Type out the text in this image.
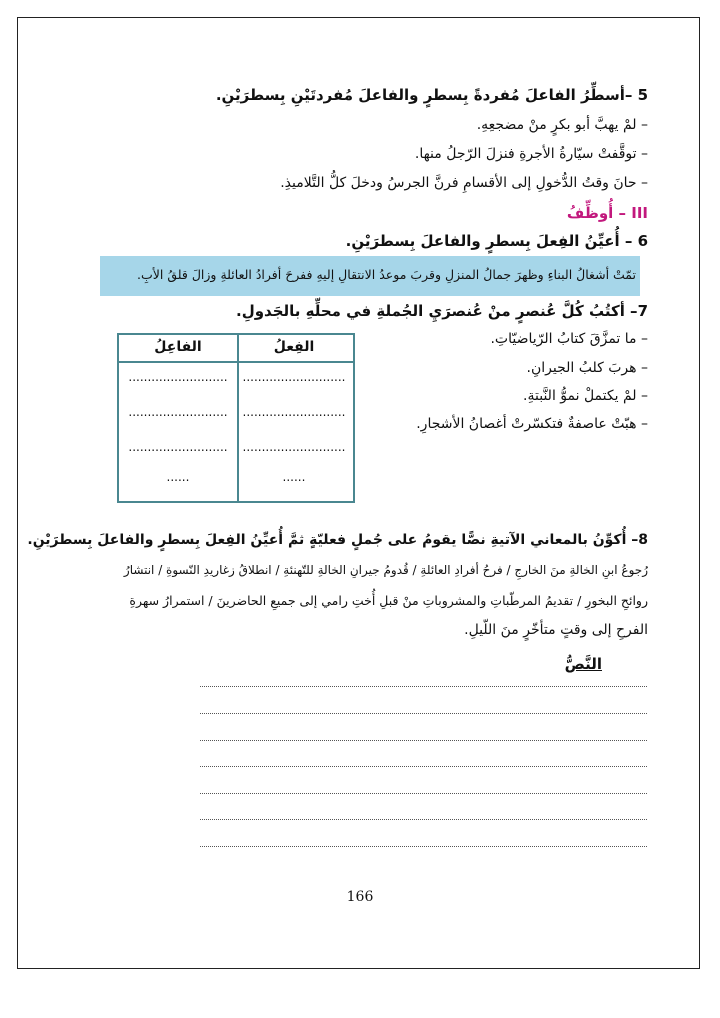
5 –أسطِّرُ الفاعلَ مُفردةً بِسطرٍ والفاعلَ مُفردتَيْنِ بِسطرَيْنِ.
– لمْ يهبَّ أبو بكرٍ منْ مضجعِهِ.
– توقَّفتْ سيّارةُ الأجرةِ فنزلَ الرّجلُ منها.
– حانَ وقتُ الدُّخولِ إلى الأقسامِ فرنَّ الجرسُ ودخلَ كلُّ التَّلاميذِ.
III – أُوظِّفُ
6 – أُعيِّنُ الفِعلَ بِسطرٍ والفاعلَ بِسطرَيْنِ.
تمّتْ أشغالُ البناءِ وظهرَ جمالُ المنزلِ وقربَ موعدُ الانتقالِ إليهِ ففرحَ أفرادُ العائلةِ وزالَ قلقُ الأبِ.
7– أكتُبُ كُلَّ عُنصرٍ منْ عُنصرَيِ الجُملةِ في محلِّهِ بالجَدولِ.
– ما تمزَّقَ كتابُ الرّياضيّاتِ.
– هربَ كلبُ الجيرانِ.
– لمْ يكتملْ نموُّ النَّبتةِ.
– هبّتْ عاصفةٌ فتكسّرتْ أغصانُ الأشجارِ.
الفِعلُ
الفاعِلُ
...........................
..........................
...........................
..........................
...........................
..........................
......
......
8– أُكوِّنُ بالمعاني الآتيةِ نصًّا يقومُ على جُملٍ فعليّةٍ ثمَّ أُعيِّنُ الفِعلَ بِسطرٍ والفاعلَ بِسطرَيْنِ.
رُجوعُ ابنِ الخالةِ منَ الخارجِ / فرحُ أفرادِ العائلةِ / قُدومُ جيرانِ الخالةِ للتّهنئةِ / انطلاقُ زغاريدِ النّسوةِ / انتشارُ
روائحِ البخورِ / تقديمُ المرطّباتِ والمشروباتِ منْ قبلِ أُختِ رامي إلى جميعِ الحاضرينَ / استمرارُ سهرةِ
الفرحِ إلى وقتٍ متأخّرٍ منَ اللّيلِ.
النَّصُّ
166
